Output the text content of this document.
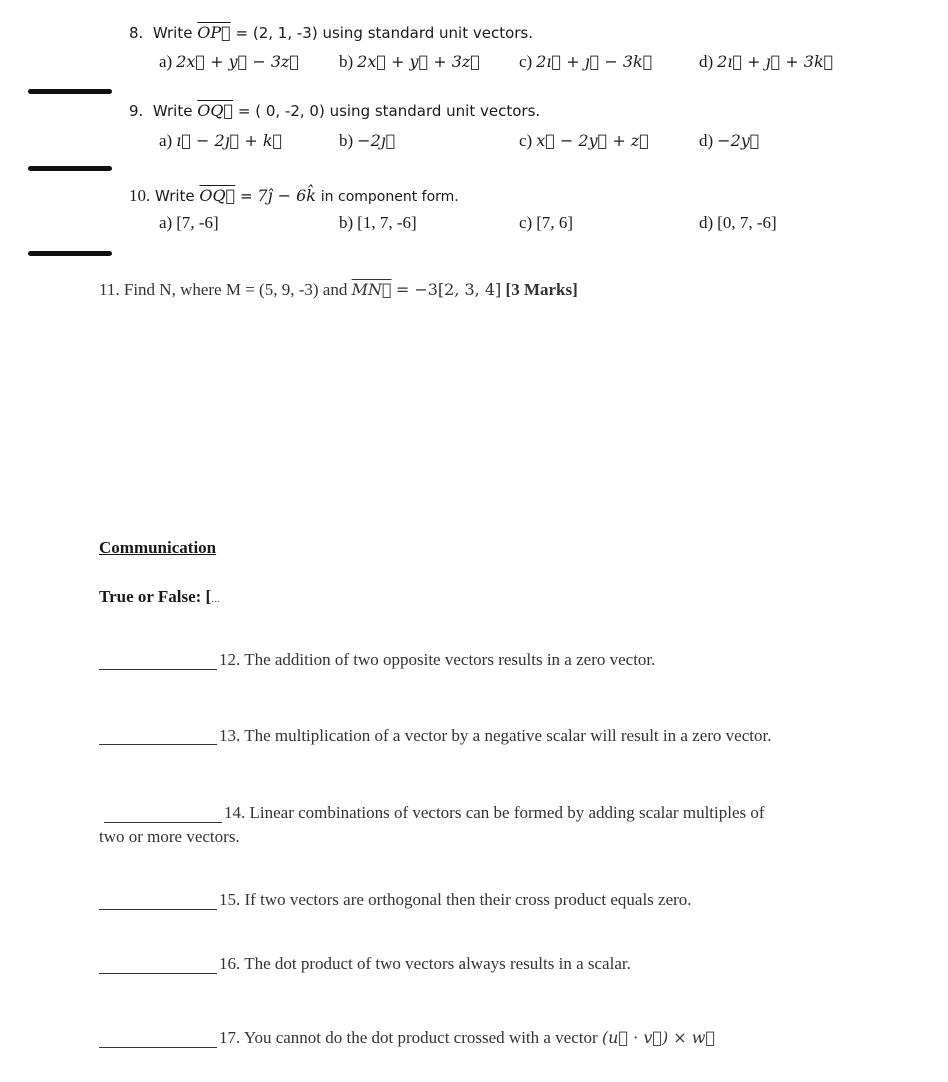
8. Write OP⃗ = (2, 1, -3) using standard unit vectors.
a) 2x⃗ + y⃗ − 3z⃗ b) 2x⃗ + y⃗ + 3z⃗ c) 2ı⃗ + ȷ⃗ − 3k⃗	d) 2ı⃗ + ȷ⃗ + 3k⃗
9. Write OQ⃗ = ( 0, -2, 0) using standard unit vectors.
a) ı⃗ − 2ȷ⃗ + k⃗	b) −2ȷ⃗	c) x⃗ − 2y⃗ + z⃗	d) −2y⃗
10. Write OQ⃗ = 7ĵ − 6k̂ in component form.
a) [7, -6]	b) [1, 7, -6]	c) [7, 6]	d) [0, 7, -6]
11. Find N, where M = (5, 9, -3) and MN⃗ = −3[2, 3, 4] [3 Marks]
Communication
True or False: […
12. The addition of two opposite vectors results in a zero vector.
13. The multiplication of a vector by a negative scalar will result in a zero vector.
14. Linear combinations of vectors can be formed by adding scalar multiples of
two or more vectors.
15. If two vectors are orthogonal then their cross product equals zero.
16. The dot product of two vectors always results in a scalar.
17. You cannot do the dot product crossed with a vector (u⃗ · v⃗) × w⃗
